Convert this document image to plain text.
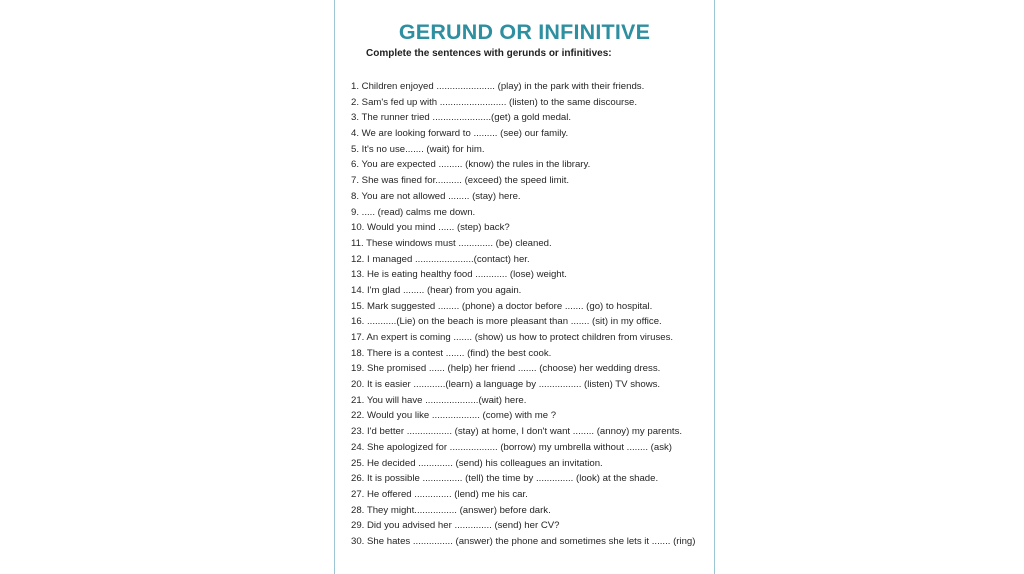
GERUND OR INFINITIVE
Complete the sentences with gerunds or infinitives:
1. Children enjoyed ...................... (play) in the park with their friends.
2. Sam's fed up with ......................... (listen) to the same discourse.
3. The runner tried ......................(get) a gold medal.
4. We are looking forward to ......... (see) our family.
5. It's no use....... (wait) for him.
6. You are expected ......... (know) the rules in the library.
7. She was fined for.......... (exceed) the speed limit.
8. You are not allowed ........ (stay) here.
9. ..... (read) calms me down.
10. Would you mind ...... (step) back?
11. These windows must ............. (be) cleaned.
12. I managed ......................(contact) her.
13. He is eating healthy food ............ (lose) weight.
14. I'm glad ........ (hear) from you again.
15. Mark suggested ........ (phone) a doctor before ....... (go) to hospital.
16. ...........(Lie) on the beach is more pleasant than ....... (sit) in my office.
17. An expert is coming ....... (show) us how to protect children from viruses.
18. There is a contest ....... (find) the best cook.
19. She promised ...... (help) her friend ....... (choose) her wedding dress.
20. It is easier ............(learn) a language by ................ (listen) TV shows.
21. You will have ....................(wait) here.
22. Would you like .................. (come) with me ?
23. I'd better ................. (stay) at home, I don't want ........ (annoy) my parents.
24. She apologized for .................. (borrow) my umbrella without ........ (ask)
25. He decided ............. (send) his colleagues an invitation.
26. It is possible ............... (tell) the time by .............. (look) at the shade.
27. He offered .............. (lend) me his car.
28. They might................ (answer) before dark.
29. Did you advised her .............. (send) her CV?
30. She hates ............... (answer) the phone and sometimes she lets it ....... (ring)
